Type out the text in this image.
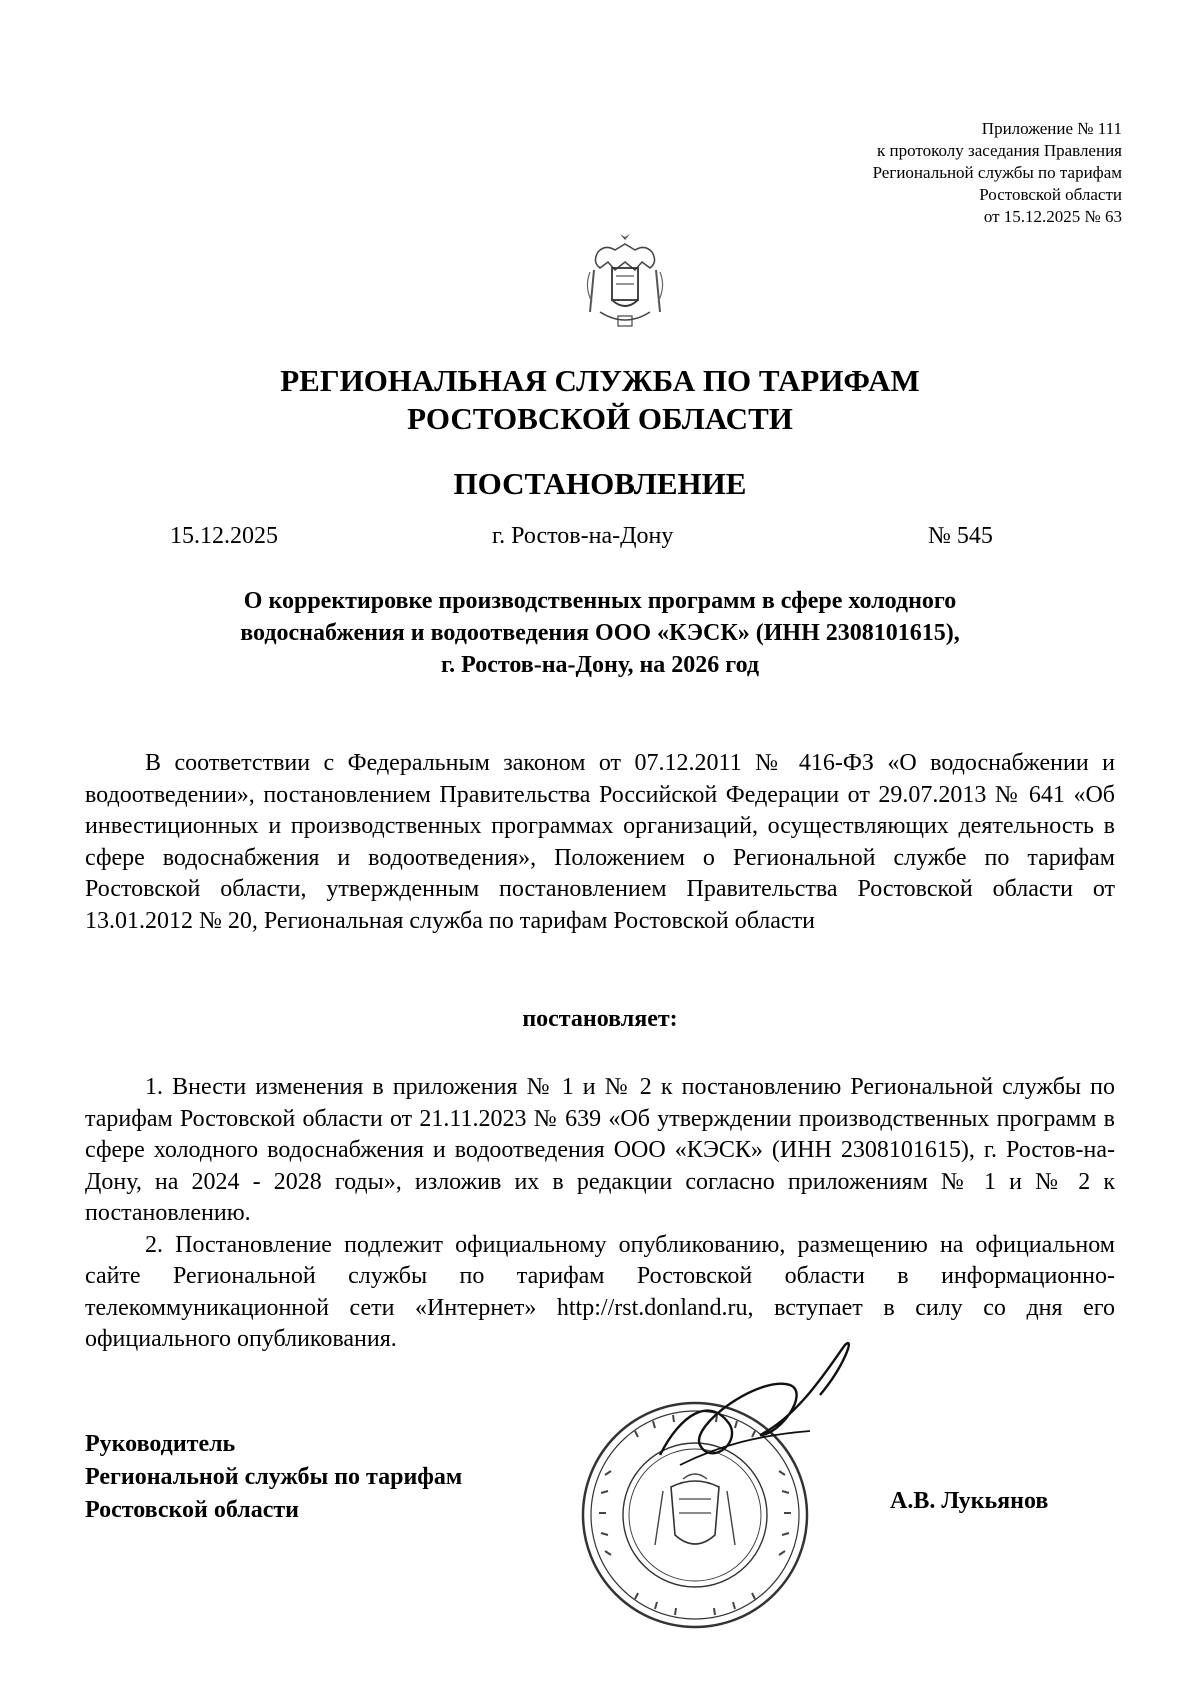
Приложение № 111
к протоколу заседания Правления
Региональной службы по тарифам
Ростовской области
от 15.12.2025 № 63
РЕГИОНАЛЬНАЯ СЛУЖБА ПО ТАРИФАМ
РОСТОВСКОЙ ОБЛАСТИ
ПОСТАНОВЛЕНИЕ
15.12.2025	г. Ростов-на-Дону	№ 545
О корректировке производственных программ в сфере холодного
водоснабжения и водоотведения ООО «КЭСК» (ИНН 2308101615),
г. Ростов-на-Дону, на 2026 год
В соответствии с Федеральным законом от 07.12.2011 № 416-ФЗ «О водоснабжении и водоотведении», постановлением Правительства Российской Федерации от 29.07.2013 № 641 «Об инвестиционных и производственных программах организаций, осуществляющих деятельность в сфере водоснабжения и водоотведения», Положением о Региональной службе по тарифам Ростовской области, утвержденным постановлением Правительства Ростовской области от 13.01.2012 № 20, Региональная служба по тарифам Ростовской области
постановляет:

1. Внести изменения в приложения № 1 и № 2 к постановлению Региональной службы по тарифам Ростовской области от 21.11.2023 № 639 «Об утверждении производственных программ в сфере холодного водоснабжения и водоотведения ООО «КЭСК» (ИНН 2308101615), г. Ростов-на-Дону, на 2024 - 2028 годы», изложив их в редакции согласно приложениям № 1 и № 2 к постановлению.

2. Постановление подлежит официальному опубликованию, размещению на официальном сайте Региональной службы по тарифам Ростовской области в информационно-телекоммуникационной сети «Интернет» http://rst.donland.ru, вступает в силу со дня его официального опубликования.

Руководитель
Региональной службы по тарифам
Ростовской области	А.В. Лукьянов
